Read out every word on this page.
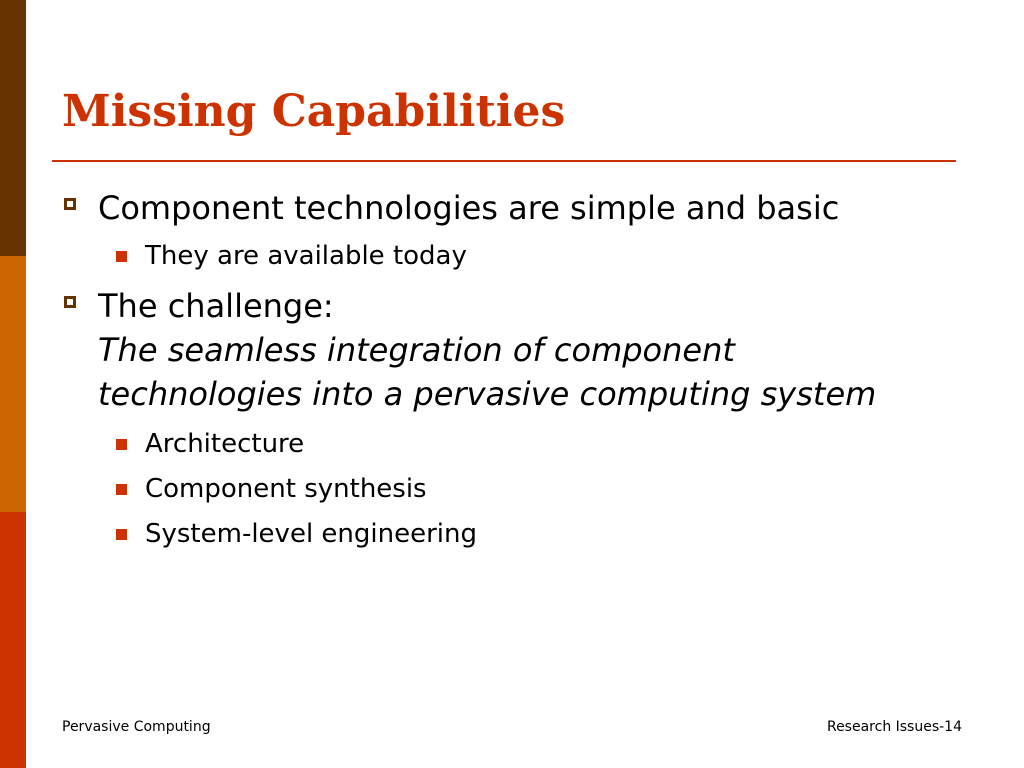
Missing Capabilities
Component technologies are simple and basic
They are available today
The challenge:
The seamless integration of component
technologies into a pervasive computing system
Architecture
Component synthesis
System-level engineering
Pervasive Computing	Research Issues-14
